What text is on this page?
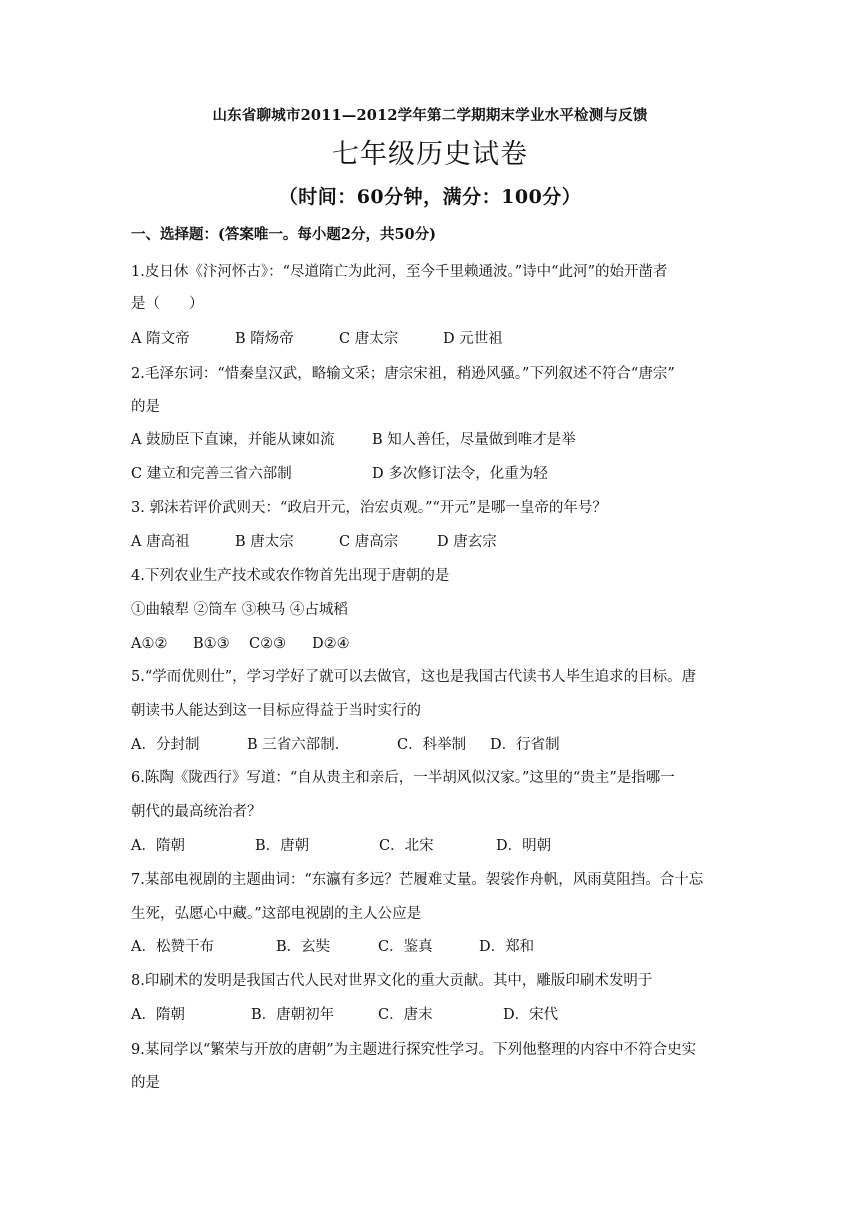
山东省聊城市2011—2012学年第二学期期末学业水平检测与反馈
七年级历史试卷
（时间：60分钟，满分：100分）
一、选择题：(答案唯一。每小题2分，共50分)
1.皮日休《汴河怀古》：“尽道隋亡为此河，至今千里赖通波。”诗中“此河”的始开凿者
是（　　）
A 隋文帝	B 隋炀帝	C 唐太宗	D 元世祖
2.毛泽东词：“惜秦皇汉武，略输文采；唐宗宋祖，稍逊风骚。”下列叙述不符合“唐宗”
的是
A 鼓励臣下直谏，并能从谏如流	B 知人善任，尽量做到唯才是举
C 建立和完善三省六部制	D 多次修订法令，化重为轻
3. 郭沫若评价武则天：“政启开元，治宏贞观。”“开元”是哪一皇帝的年号？
A 唐高祖	B 唐太宗	C 唐高宗	D 唐玄宗
4.下列农业生产技术或农作物首先出现于唐朝的是
①曲辕犁 ②筒车 ③秧马 ④占城稻
A①② B①③ C②③ D②④
5.“学而优则仕”，学习学好了就可以去做官，这也是我国古代读书人毕生追求的目标。唐
朝读书人能达到这一目标应得益于当时实行的
A．分封制	B 三省六部制．	C．科举制 D．行省制
6.陈陶《陇西行》写道：“自从贵主和亲后，一半胡风似汉家。”这里的“贵主”是指哪一
朝代的最高统治者？
A．隋朝	B．唐朝	C．北宋	D．明朝
7.某部电视剧的主题曲词：“东瀛有多远？芒履难丈量。袈裟作舟帆，风雨莫阻挡。合十忘
生死，弘愿心中藏。”这部电视剧的主人公应是
A．松赞干布	B．玄奘	C．鉴真	D．郑和
8.印刷术的发明是我国古代人民对世界文化的重大贡献。其中，雕版印刷术发明于
A．隋朝	B．唐朝初年	C．唐末	D．宋代
9.某同学以“繁荣与开放的唐朝”为主题进行探究性学习。下列他整理的内容中不符合史实
的是
